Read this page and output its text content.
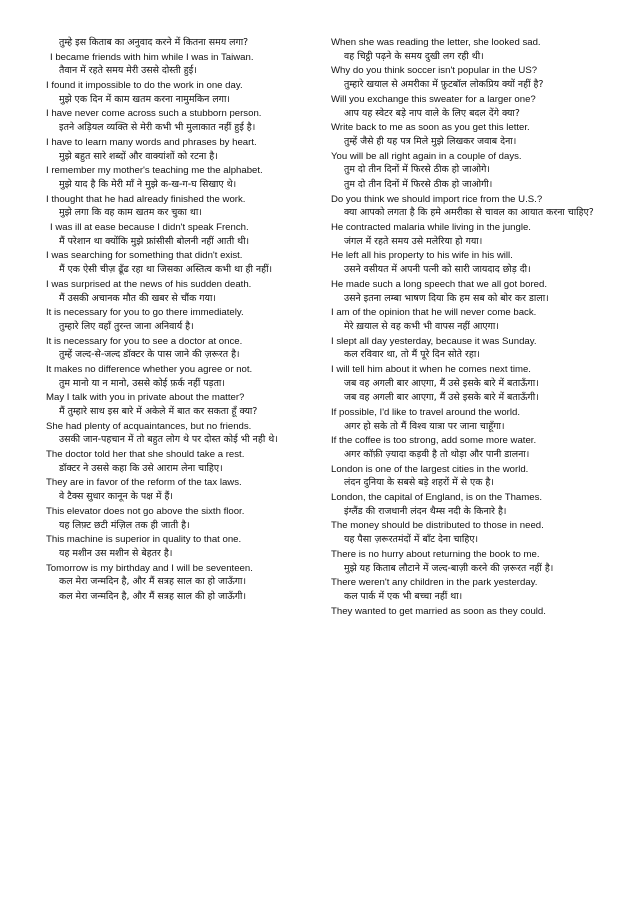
तुम्हे इस किताब का अनुवाद करने में कितना समय लगा?
I became friends with him while I was in Taiwan.
तैवान में रहते समय मेरी उससे दोस्ती हुई।
I found it impossible to do the work in one day.
मुझे एक दिन में काम खतम करना नामुमकिन लगा।
I have never come across such a stubborn person.
इतने अड़ियल व्यक्ति से मेरी कभी भी मुलाकात नहीं हुई है।
I have to learn many words and phrases by heart.
मुझे बहुत सारे शब्दों और वाक्यांशों को रटना है।
I remember my mother's teaching me the alphabet.
मुझे याद है कि मेरी माँ ने मुझे क-ख-ग-घ सिखाए थे।
I thought that he had already finished the work.
मुझे लगा कि वह काम खतम कर चुका था।
I was ill at ease because I didn't speak French.
मैं परेशान था क्योंकि मुझे फ्रांसीसी बोलनी नहीं आती थी।
I was searching for something that didn't exist.
मैं एक ऐसी चीज़ ढूँढ रहा था जिसका अस्तित्व कभी था ही नहीं।
I was surprised at the news of his sudden death.
मैं उसकी अचानक मौत की खबर से चौंक गया।
It is necessary for you to go there immediately.
तुम्हारे लिए वहाँ तुरन्त जाना अनिवार्य है।
It is necessary for you to see a doctor at once.
तुम्हें जल्द-से-जल्द डॉक्टर के पास जाने की ज़रूरत है।
It makes no difference whether you agree or not.
तुम मानो या न मानो, उससे कोई फ़र्क नहीं पड़ता।
May I talk with you in private about the matter?
मैं तुम्हारे साथ इस बारे में अकेले में बात कर सकता हूँ क्या?
She had plenty of acquaintances, but no friends.
उसकी जान-पहचान में तो बहुत लोग थे पर दोस्त कोई भी नही थे।
The doctor told her that she should take a rest.
डॉक्टर ने उससे कहा कि उसे आराम लेना चाहिए।
They are in favor of the reform of the tax laws.
वे टैक्स सुधार कानून के पक्ष में हैं।
This elevator does not go above the sixth floor.
यह लिफ़्ट छटी मंज़िल तक ही जाती है।
This machine is superior in quality to that one.
यह मशीन उस मशीन से बेहतर है।
Tomorrow is my birthday and I will be seventeen.
कल मेरा जन्मदिन है, और मैं सत्रह साल का हो जाऊँगा।
कल मेरा जन्मदिन है, और मैं सत्रह साल की हो जाऊँगी।
When she was reading the letter, she looked sad.
वह चिट्ठी पढ़ने के समय दुखी लग रही थी।
Why do you think soccer isn't popular in the US?
तुम्हारे खयाल से अमरीका में फ़ुटबॉल लोकप्रिय क्यों नहीं है?
Will you exchange this sweater for a larger one?
आप यह स्वेटर बड़े नाप वाले के लिए बदल देंगे क्या?
Write back to me as soon as you get this letter.
तुम्हें जैसे ही यह पत्र मिले मुझे लिखकर जवाब देना।
You will be all right again in a couple of days.
तुम दो तीन दिनों में फिरसे ठीक हो जाओगे।
तुम दो तीन दिनों में फिरसे ठीक हो जाओगी।
Do you think we should import rice from the U.S.?
क्या आपको लगता है कि हमे अमरीका से चावल का आयात करना चाहिए?
He contracted malaria while living in the jungle.
जंगल में रहते समय उसे मलेरिया हो गया।
He left all his property to his wife in his will.
उसने वसीयत में अपनी पत्नी को सारी जायदाद छोड़ दी।
He made such a long speech that we all got bored.
उसने इतना लम्बा भाषण दिया कि हम सब को बोर कर डाला।
I am of the opinion that he will never come back.
मेरे ख़याल से वह कभी भी वापस नहीं आएगा।
I slept all day yesterday, because it was Sunday.
कल रविवार था, तो मैं पूरे दिन सोते रहा।
I will tell him about it when he comes next time.
जब वह अगली बार आएगा, मैं उसे इसके बारे में बताऊँगा।
जब वह अगली बार आएगा, मैं उसे इसके बारे में बताऊँगी।
If possible, I'd like to travel around the world.
अगर हो सके तो मैं विश्व यात्रा पर जाना चाहूँगा।
If the coffee is too strong, add some more water.
अगर कॉफ़ी ज़्यादा कड़वी है तो थोड़ा और पानी डालना।
London is one of the largest cities in the world.
लंदन दुनिया के सबसे बड़े शहरों में से एक है।
London, the capital of England, is on the Thames.
इंग्लैंड की राजधानी लंदन थैम्स नदी के किनारे है।
The money should be distributed to those in need.
यह पैसा ज़रूरतमंदों में बाँट देना चाहिए।
There is no hurry about returning the book to me.
मुझे यह किताब लौटाने में जल्द-बाज़ी करने की ज़रूरत नहीं है।
There weren't any children in the park yesterday.
कल पार्क में एक भी बच्चा नहीं था।
They wanted to get married as soon as they could.
